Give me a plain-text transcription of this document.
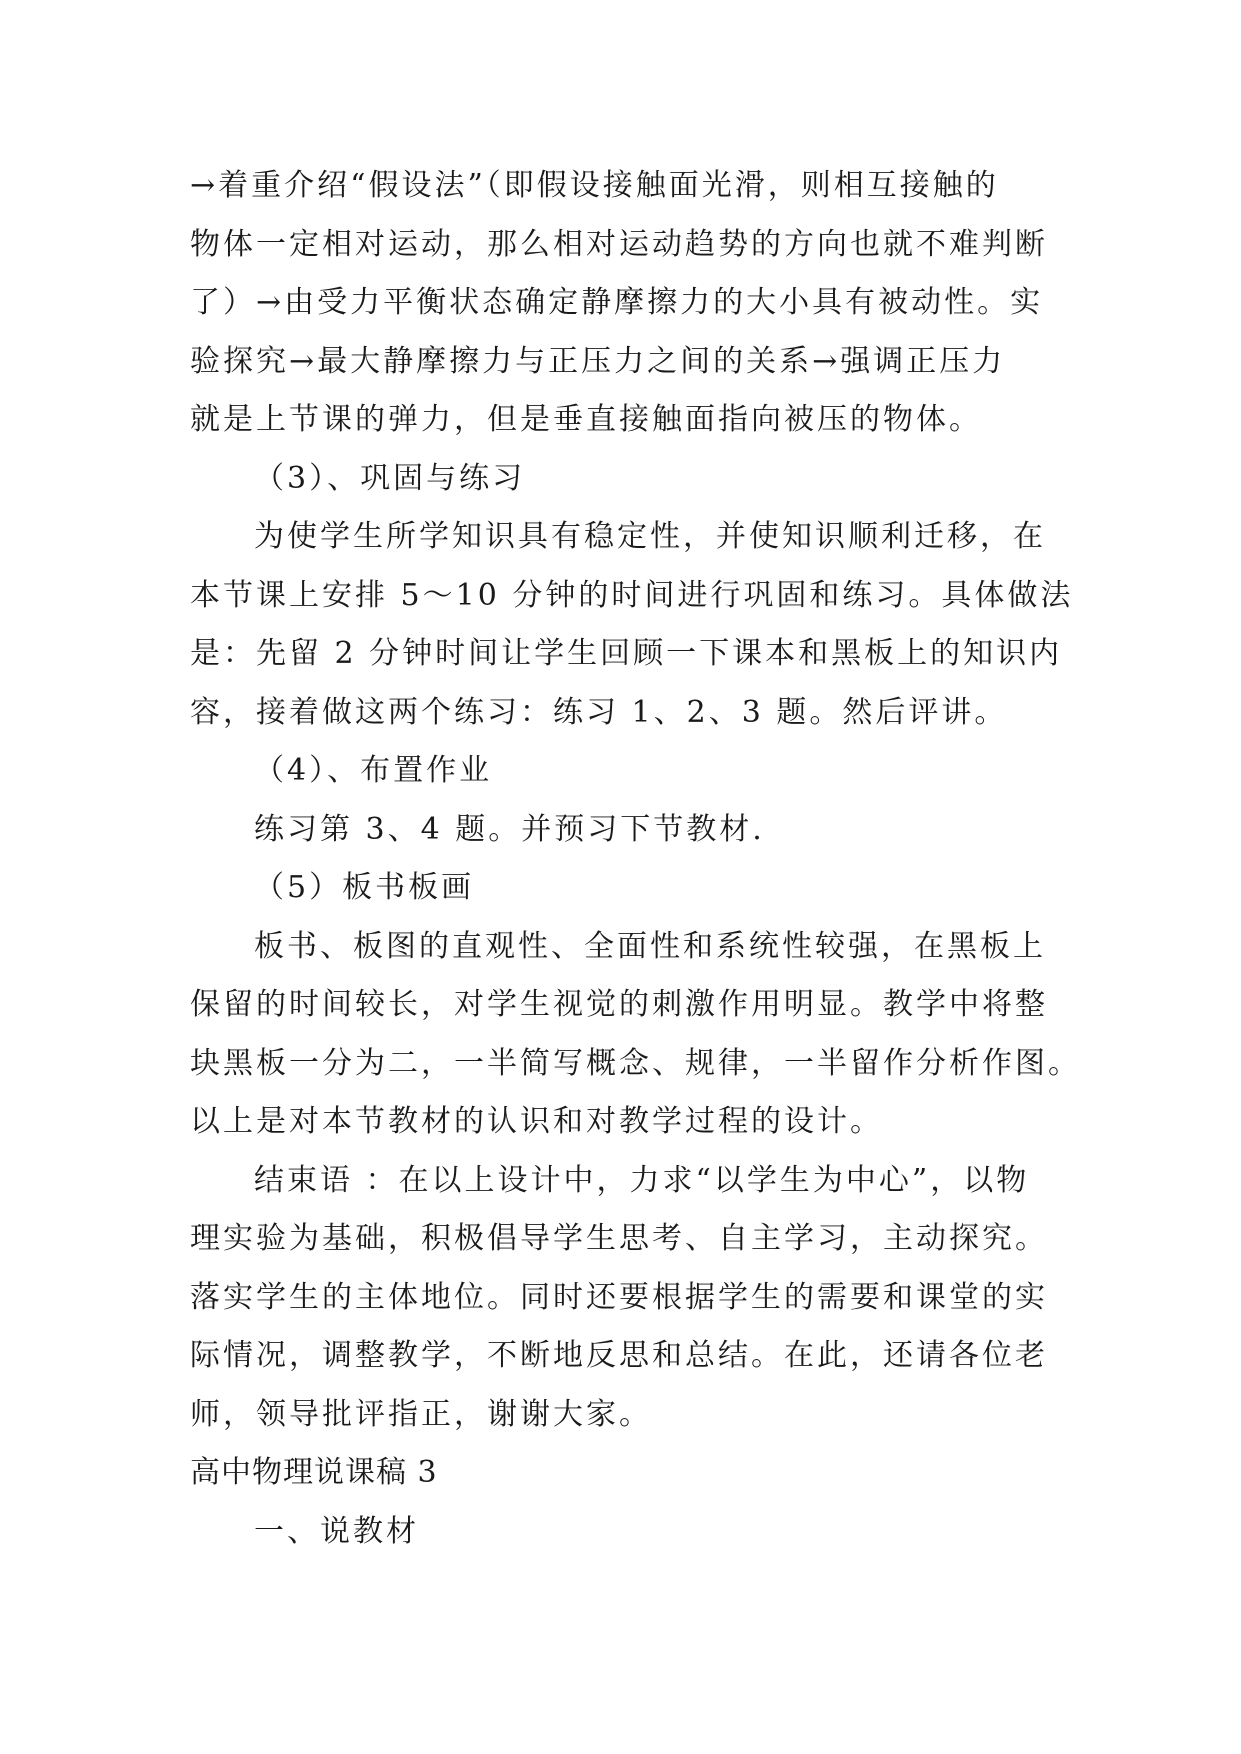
→着重介绍“假设法”（即假设接触面光滑，则相互接触的
物体一定相对运动，那么相对运动趋势的方向也就不难判断
了）→由受力平衡状态确定静摩擦力的大小具有被动性。实
验探究→最大静摩擦力与正压力之间的关系→强调正压力
就是上节课的弹力，但是垂直接触面指向被压的物体。
（3）、巩固与练习
为使学生所学知识具有稳定性，并使知识顺利迁移，在
本节课上安排 5～10 分钟的时间进行巩固和练习。具体做法
是：先留 2 分钟时间让学生回顾一下课本和黑板上的知识内
容，接着做这两个练习：练习 1、2、3 题。然后评讲。
（4）、布置作业
练习第 3、4 题。并预习下节教材.
（5）板书板画
板书、板图的直观性、全面性和系统性较强，在黑板上
保留的时间较长，对学生视觉的刺激作用明显。教学中将整
块黑板一分为二，一半简写概念、规律，一半留作分析作图。
以上是对本节教材的认识和对教学过程的设计。
结束语 ：在以上设计中，力求“以学生为中心”，以物
理实验为基础，积极倡导学生思考、自主学习，主动探究。
落实学生的主体地位。同时还要根据学生的需要和课堂的实
际情况，调整教学，不断地反思和总结。在此，还请各位老
师，领导批评指正，谢谢大家。
高中物理说课稿 3
一、说教材
